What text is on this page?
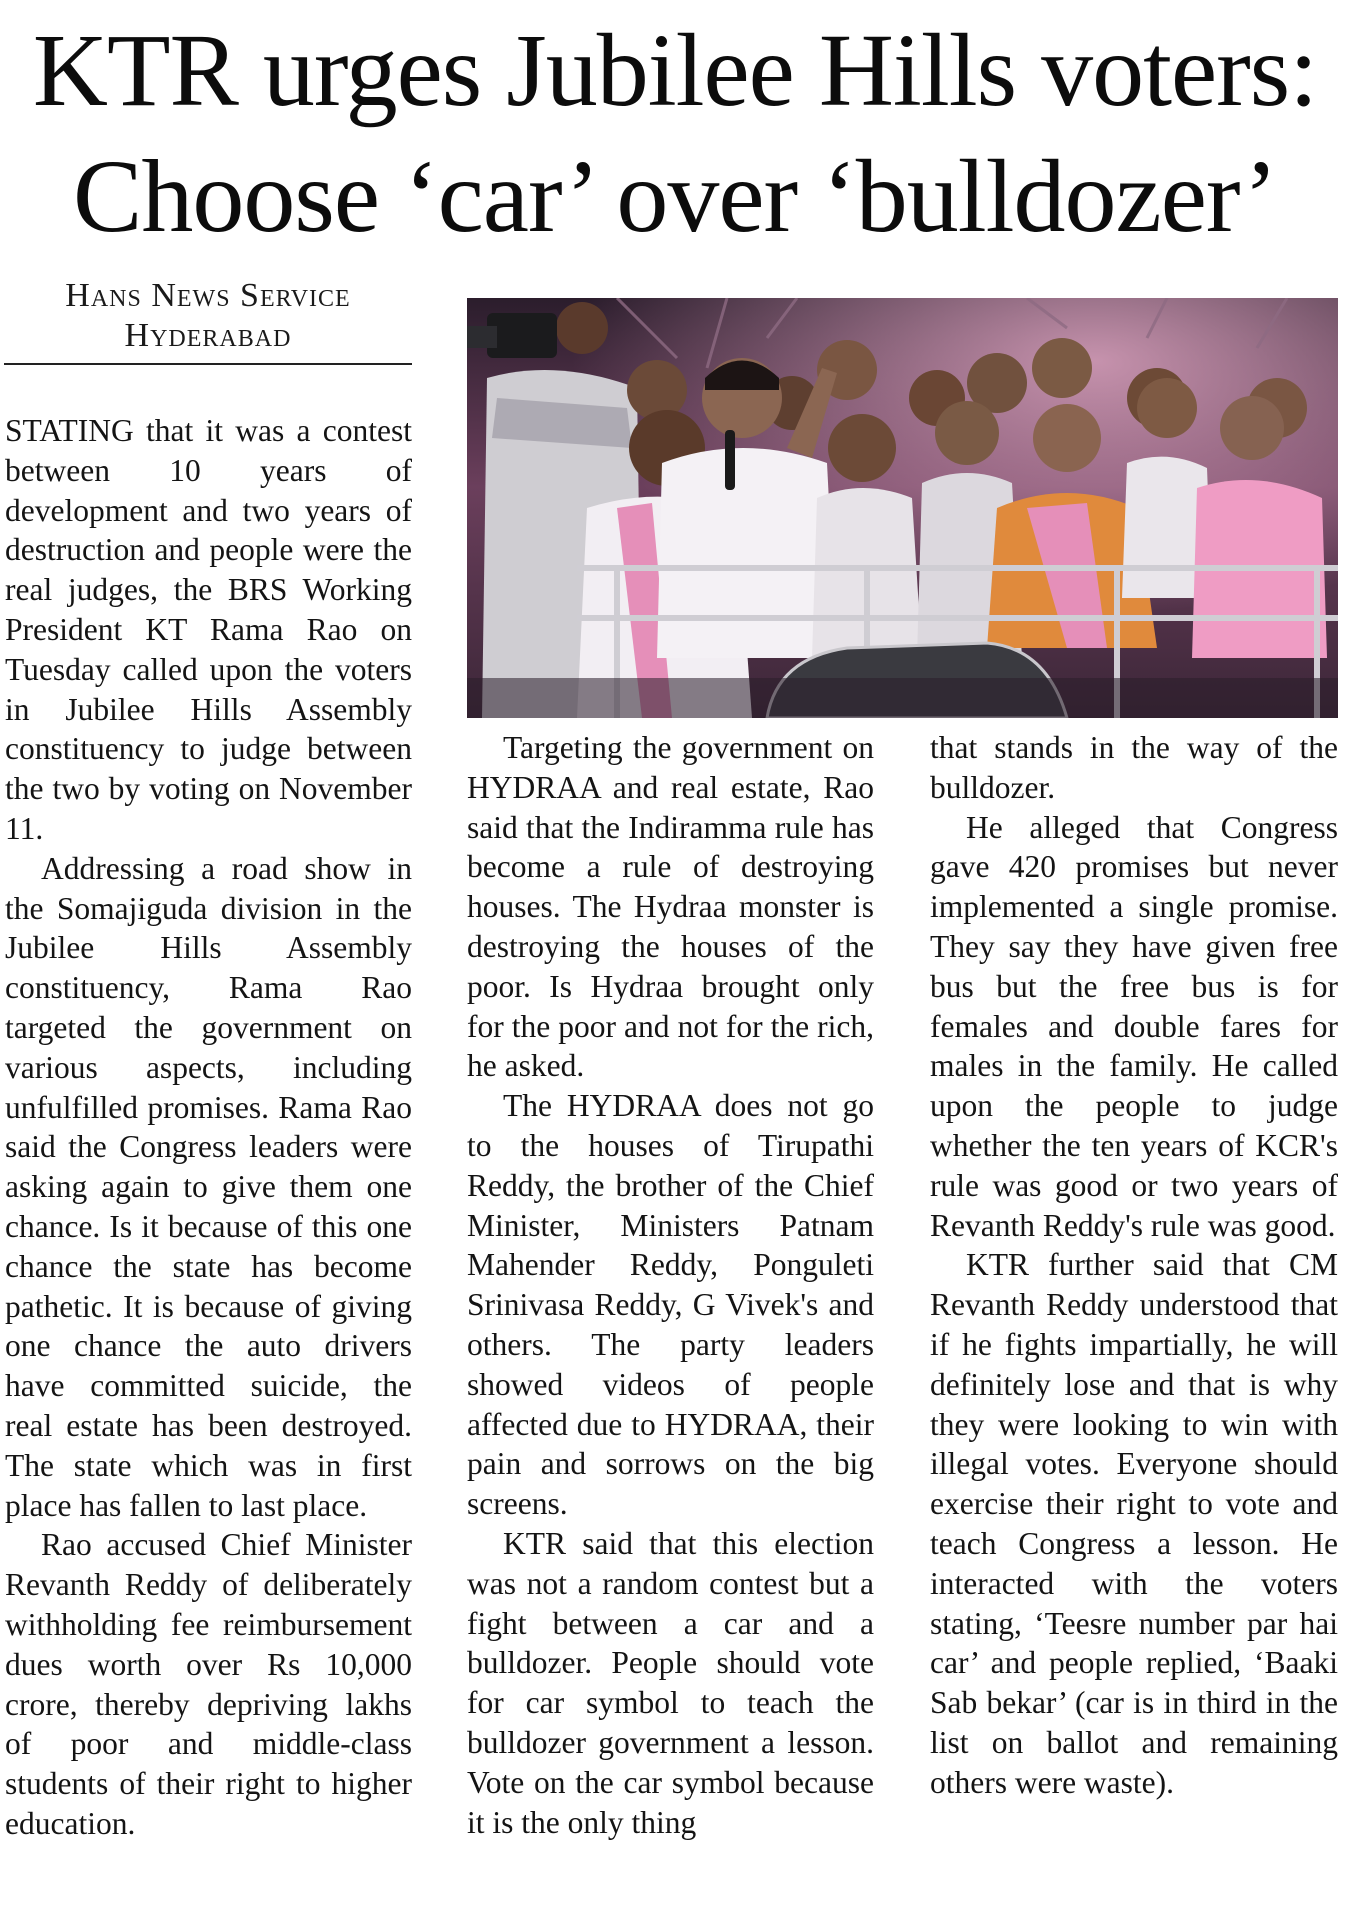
KTR urges Jubilee Hills voters:
Choose ‘car’ over ‘bulldozer’
Hans News Service
Hyderabad

STATING that it was a contest between 10 years of development and two years of destruction and people were the real judges, the BRS Working President KT Rama Rao on Tuesday called upon the voters in Jubilee Hills Assembly constituency to judge between the two by voting on November 11.

Addressing a road show in the Somajiguda division in the Jubilee Hills Assembly constituency, Rama Rao targeted the government on various aspects, including unfulfilled promises. Rama Rao said the Congress leaders were asking again to give them one chance. Is it because of this one chance the state has become pathetic. It is because of giving one chance the auto drivers have committed suicide, the real estate has been destroyed. The state which was in first place has fallen to last place.

Rao accused Chief Minister Revanth Reddy of deliberately withholding fee reimbursement dues worth over Rs 10,000 crore, thereby depriving lakhs of poor and middle-class students of their right to higher education.

Targeting the government on HYDRAA and real estate, Rao said that the Indiramma rule has become a rule of destroying houses. The Hydraa monster is destroying the houses of the poor. Is Hydraa brought only for the poor and not for the rich, he asked.

The HYDRAA does not go to the houses of Tirupathi Reddy, the brother of the Chief Minister, Ministers Patnam Mahender Reddy, Ponguleti Srinivasa Reddy, G Vivek's and others. The party leaders showed videos of people affected due to HYDRAA, their pain and sorrows on the big screens.

KTR said that this election was not a random contest but a fight between a car and a bulldozer. People should vote for car symbol to teach the bulldozer government a lesson. Vote on the car symbol because it is the only thing

that stands in the way of the bulldozer.

He alleged that Congress gave 420 promises but never implemented a single promise. They say they have given free bus but the free bus is for females and double fares for males in the family. He called upon the people to judge whether the ten years of KCR's rule was good or two years of Revanth Reddy's rule was good.

KTR further said that CM Revanth Reddy understood that if he fights impartially, he will definitely lose and that is why they were looking to win with illegal votes. Everyone should exercise their right to vote and teach Congress a lesson. He interacted with the voters stating, ‘Teesre number par hai car’ and people replied, ‘Baaki Sab bekar’ (car is in third in the list on ballot and remaining others were waste).
